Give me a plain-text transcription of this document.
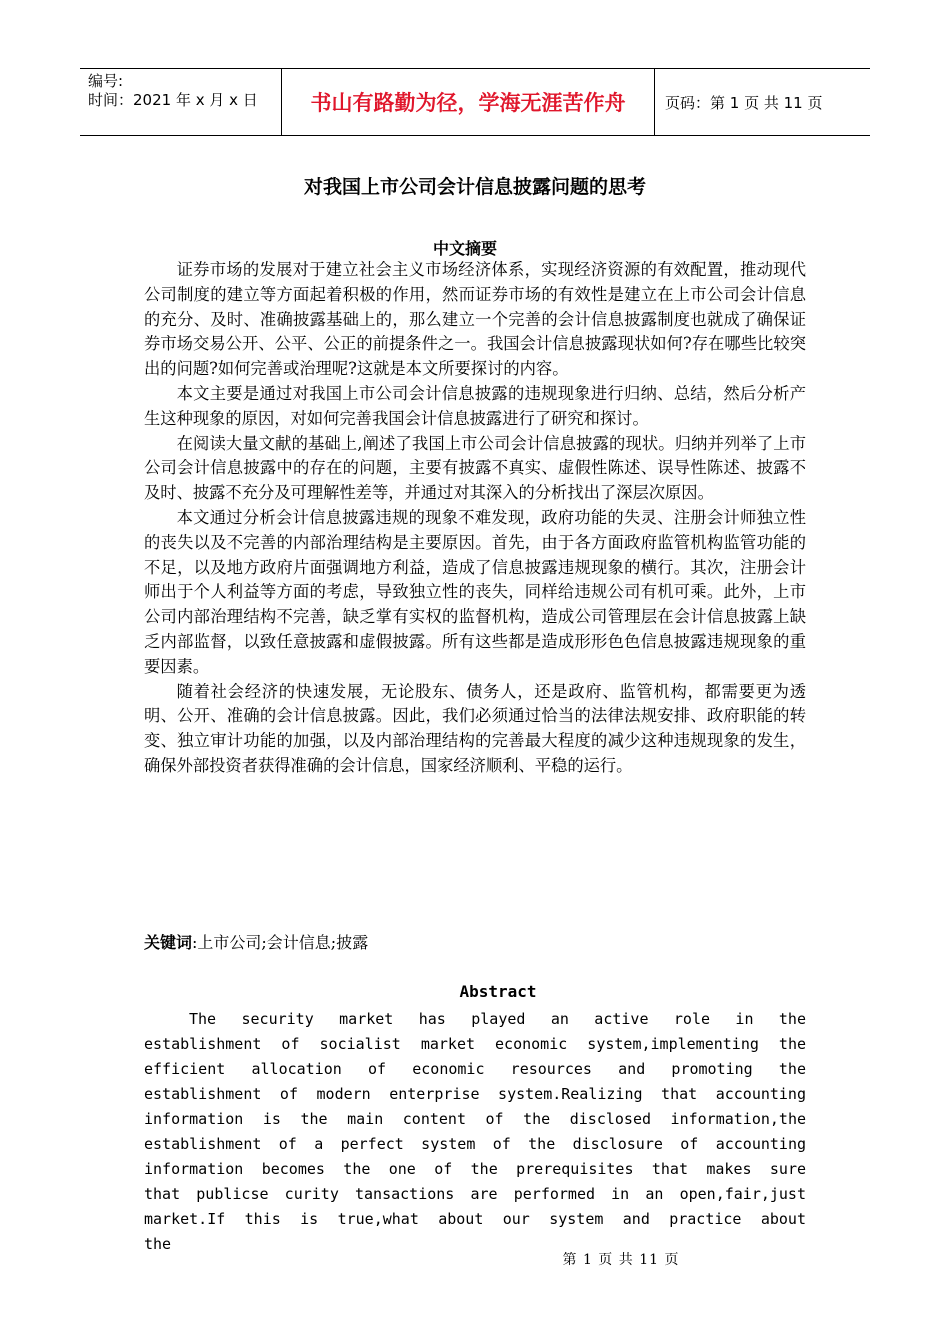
编号:
时间：2021 年 x 月 x 日	书山有路勤为径，学海无涯苦作舟	页码：第 1 页 共 11 页
对我国上市公司会计信息披露问题的思考
中文摘要

证券市场的发展对于建立社会主义市场经济体系，实现经济资源的有效配置，推动现代公司制度的建立等方面起着积极的作用，然而证券市场的有效性是建立在上市公司会计信息的充分、及时、准确披露基础上的，那么建立一个完善的会计信息披露制度也就成了确保证券市场交易公开、公平、公正的前提条件之一。我国会计信息披露现状如何?存在哪些比较突出的问题?如何完善或治理呢?这就是本文所要探讨的内容。

本文主要是通过对我国上市公司会计信息披露的违规现象进行归纳、总结，然后分析产生这种现象的原因，对如何完善我国会计信息披露进行了研究和探讨。

在阅读大量文献的基础上,阐述了我国上市公司会计信息披露的现状。归纳并列举了上市公司会计信息披露中的存在的问题，主要有披露不真实、虚假性陈述、误导性陈述、披露不及时、披露不充分及可理解性差等，并通过对其深入的分析找出了深层次原因。

本文通过分析会计信息披露违规的现象不难发现，政府功能的失灵、注册会计师独立性的丧失以及不完善的内部治理结构是主要原因。首先，由于各方面政府监管机构监管功能的不足，以及地方政府片面强调地方利益，造成了信息披露违规现象的横行。其次，注册会计师出于个人利益等方面的考虑，导致独立性的丧失，同样给违规公司有机可乘。此外，上市公司内部治理结构不完善，缺乏掌有实权的监督机构，造成公司管理层在会计信息披露上缺乏内部监督，以致任意披露和虚假披露。所有这些都是造成形形色色信息披露违规现象的重要因素。

随着社会经济的快速发展，无论股东、债务人，还是政府、监管机构，都需要更为透明、公开、准确的会计信息披露。因此，我们必须通过恰当的法律法规安排、政府职能的转变、独立审计功能的加强，以及内部治理结构的完善最大程度的减少这种违规现象的发生，确保外部投资者获得准确的会计信息，国家经济顺利、平稳的运行。

关键词:上市公司;会计信息;披露
Abstract

The security market has played an active role in the establishment of socialist market economic system,implementing the efficient allocation of economic resources and promoting the establishment of modern enterprise system.Realizing that accounting information is the main content of the disclosed information,the establishment of a perfect system of the disclosure of accounting information becomes the one of the prerequisites that makes sure that publicse curity tansactions are performed in an open,fair,just market.If this is true,what about our system and practice about the

第 1 页 共 11 页
